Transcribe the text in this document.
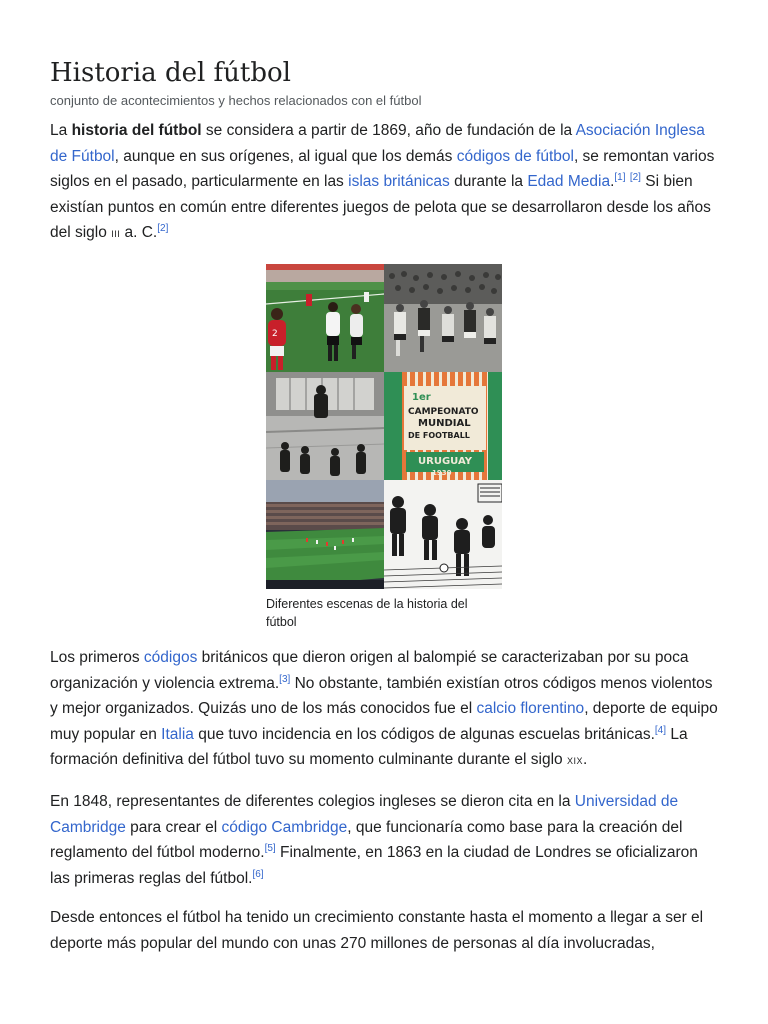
Historia del fútbol
conjunto de acontecimientos y hechos relacionados con el fútbol

La historia del fútbol se considera a partir de 1869, año de fundación de la Asociación Inglesa de Fútbol, aunque en sus orígenes, al igual que los demás códigos de fútbol, se remontan varios siglos en el pasado, particularmente en las islas británicas durante la Edad Media.[1] [2] Si bien existían puntos en común entre diferentes juegos de pelota que se desarrollaron desde los años del siglo III a. C.[2]

2
1er
CAMPEONATO
MUNDIAL
DE FOOTBALL
URUGUAY
1930
Diferentes escenas de la historia del fútbol

Los primeros códigos británicos que dieron origen al balompié se caracterizaban por su poca organización y violencia extrema.[3] No obstante, también existían otros códigos menos violentos y mejor organizados. Quizás uno de los más conocidos fue el calcio florentino, deporte de equipo muy popular en Italia que tuvo incidencia en los códigos de algunas escuelas británicas.[4] La formación definitiva del fútbol tuvo su momento culminante durante el siglo XIX.

En 1848, representantes de diferentes colegios ingleses se dieron cita en la Universidad de Cambridge para crear el código Cambridge, que funcionaría como base para la creación del reglamento del fútbol moderno.[5] Finalmente, en 1863 en la ciudad de Londres se oficializaron las primeras reglas del fútbol.[6]

Desde entonces el fútbol ha tenido un crecimiento constante hasta el momento a llegar a ser el deporte más popular del mundo con unas 270 millones de personas al día involucradas,
